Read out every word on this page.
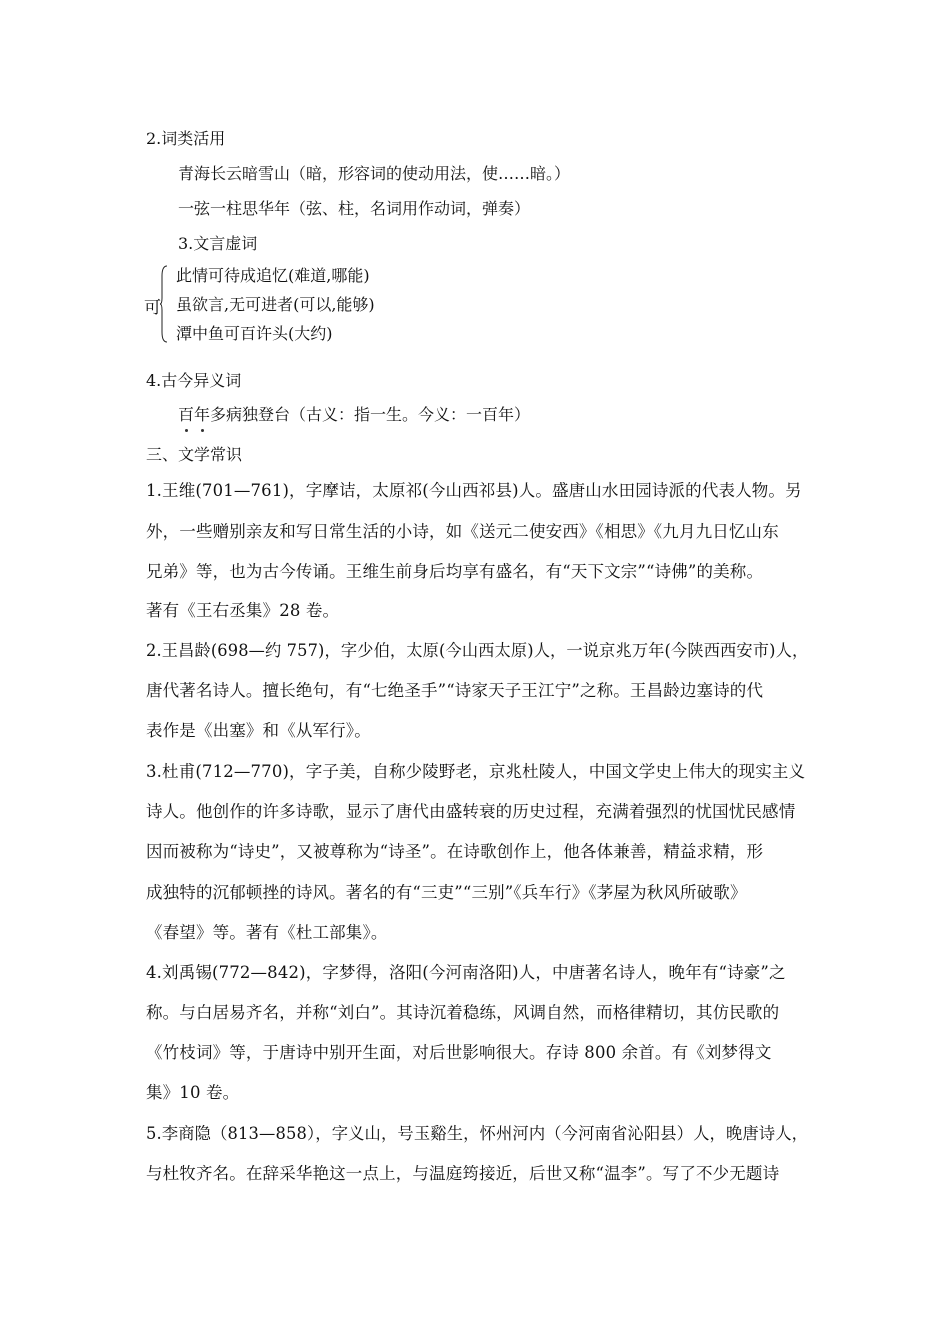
2.词类活用
青海长云暗雪山（暗，形容词的使动用法，使……暗。）
一弦一柱思华年（弦、柱，名词用作动词，弹奏）
3.文言虚词
可
此情可待成追忆(难道,哪能)
虽欲言,无可进者(可以,能够)
潭中鱼可百许头(大约)
4.古今异义词
百年多病独登台（古义：指一生。今义：一百年）
三、文学常识
1.王维(701—761)，字摩诘，太原祁(今山西祁县)人。盛唐山水田园诗派的代表人物。另
外，一些赠别亲友和写日常生活的小诗，如《送元二使安西》《相思》《九月九日忆山东
兄弟》等，也为古今传诵。王维生前身后均享有盛名，有“天下文宗”“诗佛”的美称。
著有《王右丞集》28 卷。
2.王昌龄(698—约 757)，字少伯，太原(今山西太原)人，一说京兆万年(今陕西西安市)人，
唐代著名诗人。擅长绝句，有“七绝圣手”“诗家天子王江宁”之称。王昌龄边塞诗的代
表作是《出塞》和《从军行》。
3.杜甫(712—770)，字子美，自称少陵野老，京兆杜陵人，中国文学史上伟大的现实主义
诗人。他创作的许多诗歌，显示了唐代由盛转衰的历史过程，充满着强烈的忧国忧民感情
因而被称为“诗史”，又被尊称为“诗圣”。在诗歌创作上，他各体兼善，精益求精，形
成独特的沉郁顿挫的诗风。著名的有“三吏”“三别”《兵车行》《茅屋为秋风所破歌》
《春望》等。著有《杜工部集》。
4.刘禹锡(772—842)，字梦得，洛阳(今河南洛阳)人，中唐著名诗人，晚年有“诗豪”之
称。与白居易齐名，并称“刘白”。其诗沉着稳练，风调自然，而格律精切，其仿民歌的
《竹枝词》等，于唐诗中别开生面，对后世影响很大。存诗 800 余首。有《刘梦得文
集》10 卷。
5.李商隐（813—858），字义山，号玉谿生，怀州河内（今河南省沁阳县）人，晚唐诗人，
与杜牧齐名。在辞采华艳这一点上，与温庭筠接近，后世又称“温李”。写了不少无题诗
